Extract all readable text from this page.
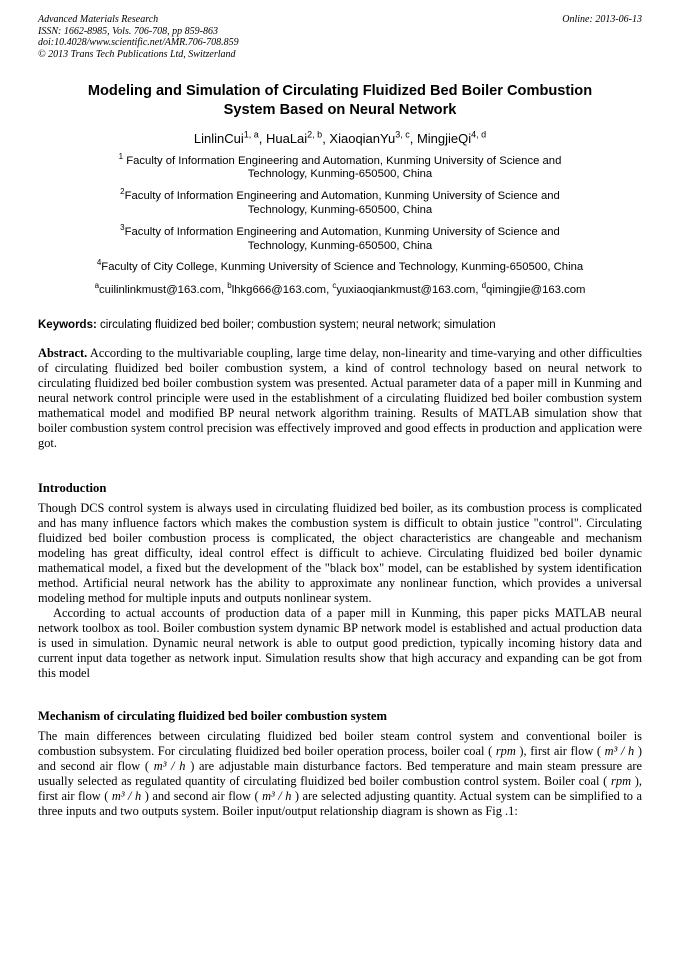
Advanced Materials Research
ISSN: 1662-8985, Vols. 706-708, pp 859-863
doi:10.4028/www.scientific.net/AMR.706-708.859
© 2013 Trans Tech Publications Ltd, Switzerland
Online: 2013-06-13
Modeling and Simulation of Circulating Fluidized Bed Boiler Combustion
System Based on Neural Network
LinlinCui$^{1, a}$, HuaLai$^{2, b}$, XiaoqianYu$^{3, c}$, MingjieQi$^{4, d}$
$^1$ Faculty of Information Engineering and Automation, Kunming University of Science and
Technology, Kunming-650500, China
$^2$Faculty of Information Engineering and Automation, Kunming University of Science and
Technology, Kunming-650500, China
$^3$Faculty of Information Engineering and Automation, Kunming University of Science and
Technology, Kunming-650500, China
$^4$Faculty of City College, Kunming University of Science and Technology, Kunming-650500, China
$^a$cuilinlinkmust@163.com, $^b$lhkg666@163.com, $^c$yuxiaoqiankmust@163.com, $^d$qimingjie@163.com
Keywords: circulating fluidized bed boiler; combustion system; neural network; simulation

Abstract. According to the multivariable coupling, large time delay, non-linearity and time-varying and other difficulties of circulating fluidized bed boiler combustion system, a kind of control technology based on neural network to circulating fluidized bed boiler combustion system was presented. Actual parameter data of a paper mill in Kunming and neural network control principle were used in the establishment of a circulating fluidized bed boiler combustion system mathematical model and modified BP neural network algorithm training. Results of MATLAB simulation show that boiler combustion system control precision was effectively improved and good effects in production and application were got.

Introduction

Though DCS control system is always used in circulating fluidized bed boiler, as its combustion process is complicated and has many influence factors which makes the combustion system is difficult to obtain justice "control". Circulating fluidized bed boiler combustion process is complicated, the object characteristics are changeable and mechanism modeling has great difficulty, ideal control effect is difficult to achieve. Circulating fluidized bed boiler dynamic mathematical model, a fixed but the development of the "black box" model, can be established by system identification method. Artificial neural network has the ability to approximate any nonlinear function, which provides a universal modeling method for multiple inputs and outputs nonlinear system.

According to actual accounts of production data of a paper mill in Kunming, this paper picks MATLAB neural network toolbox as tool. Boiler combustion system dynamic BP network model is established and actual production data is used in simulation. Dynamic neural network is able to output good prediction, typically incoming history data and current input data together as network input. Simulation results show that high accuracy and expanding can be got from this model

Mechanism of circulating fluidized bed boiler combustion system

The main differences between circulating fluidized bed boiler steam control system and conventional boiler is combustion subsystem. For circulating fluidized bed boiler operation process, boiler coal ( rpm ), first air flow ( m³ / h ) and second air flow ( m³ / h ) are adjustable main disturbance factors. Bed temperature and main steam pressure are usually selected as regulated quantity of circulating fluidized bed boiler combustion control system. Boiler coal ( rpm ), first air flow ( m³ / h ) and second air flow ( m³ / h ) are selected adjusting quantity. Actual system can be simplified to a three inputs and two outputs system. Boiler input/output relationship diagram is shown as Fig .1:
